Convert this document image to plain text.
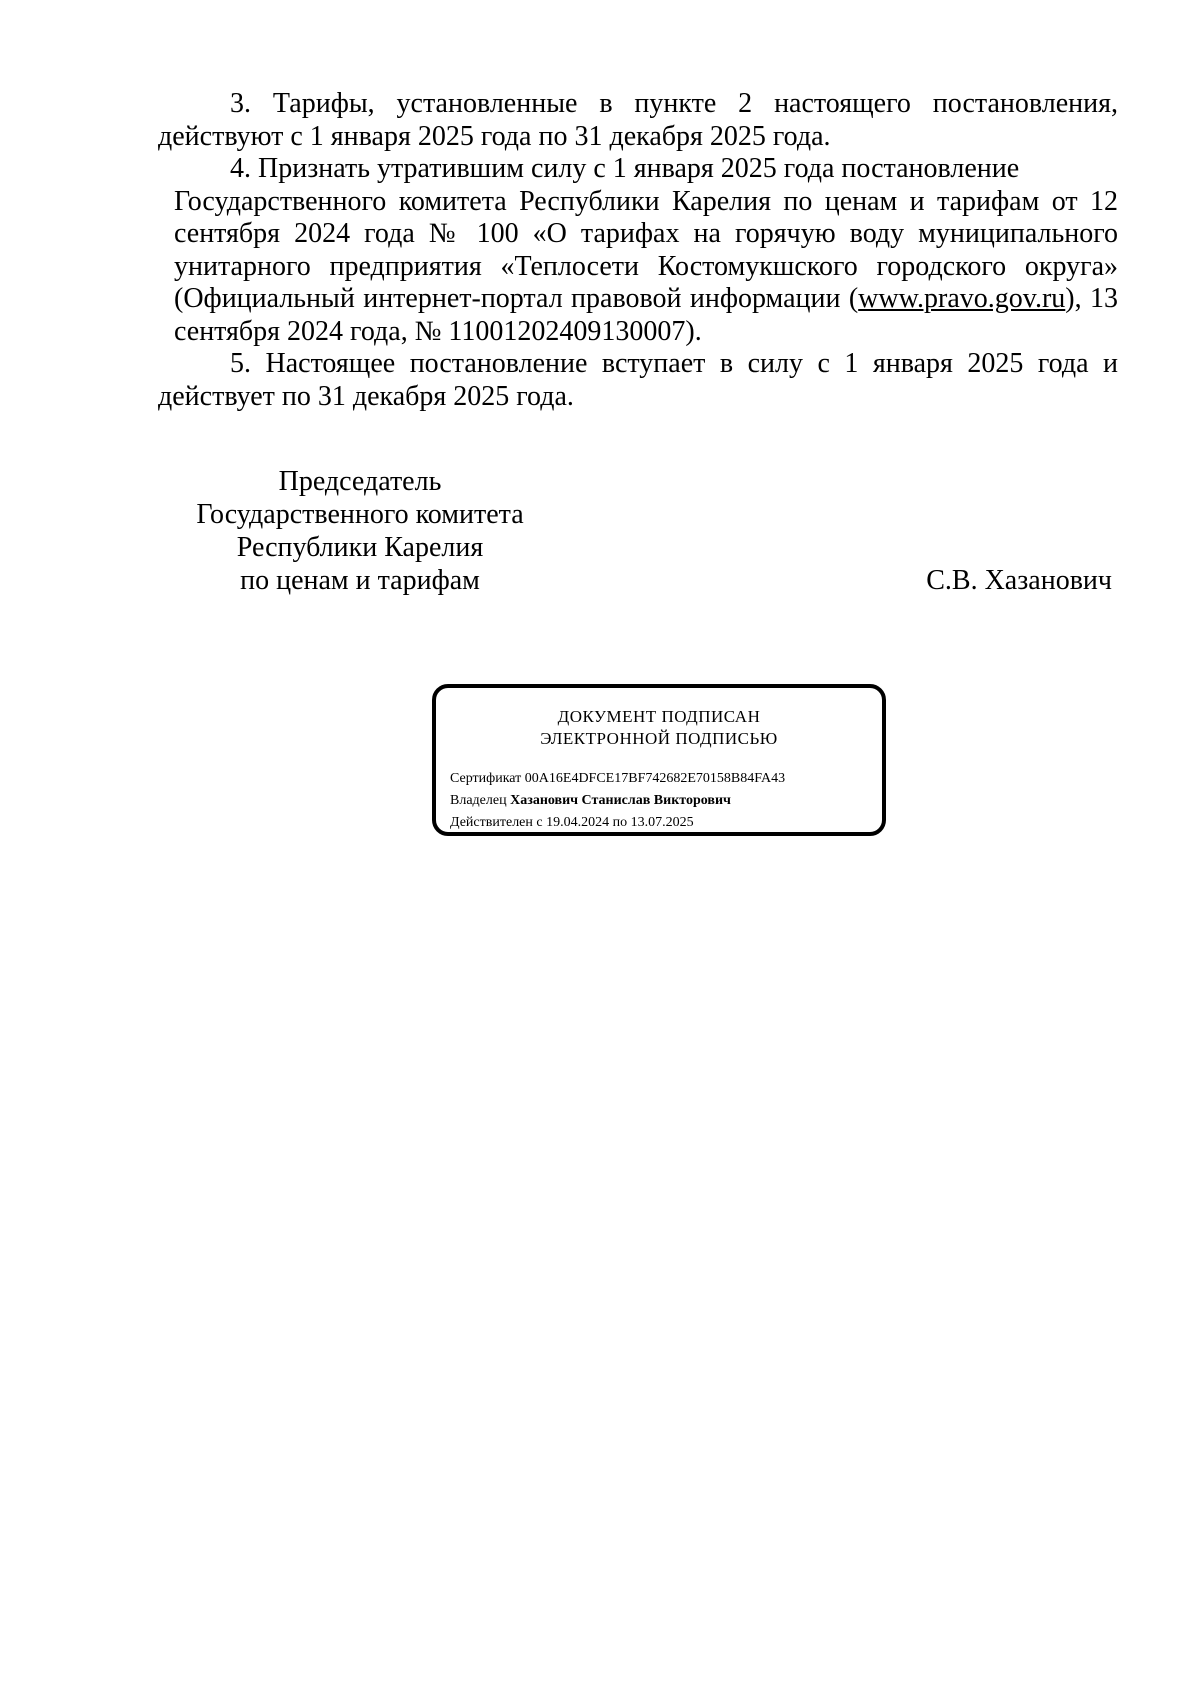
3. Тарифы, установленные в пункте 2 настоящего постановления, действуют с 1 января 2025 года по 31 декабря 2025 года.

4. Признать утратившим силу с 1 января 2025 года постановление
Государственного комитета Республики Карелия по ценам и тарифам от 12 сентября 2024 года № 100 «О тарифах на горячую воду муниципального унитарного предприятия «Теплосети Костомукшского городского округа» (Официальный интернет-портал правовой информации (www.pravo.gov.ru), 13 сентября 2024 года, № 11001202409130007).

5. Настоящее постановление вступает в силу с 1 января 2025 года и действует по 31 декабря 2025 года.

Председатель
Государственного комитета
Республики Карелия
по ценам и тарифам	С.В. Хазанович
ДОКУМЕНТ ПОДПИСАН
ЭЛЕКТРОННОЙ ПОДПИСЬЮ
Сертификат 00A16E4DFCE17BF742682E70158B84FA43
Владелец Хазанович Станислав Викторович
Действителен с 19.04.2024 по 13.07.2025
